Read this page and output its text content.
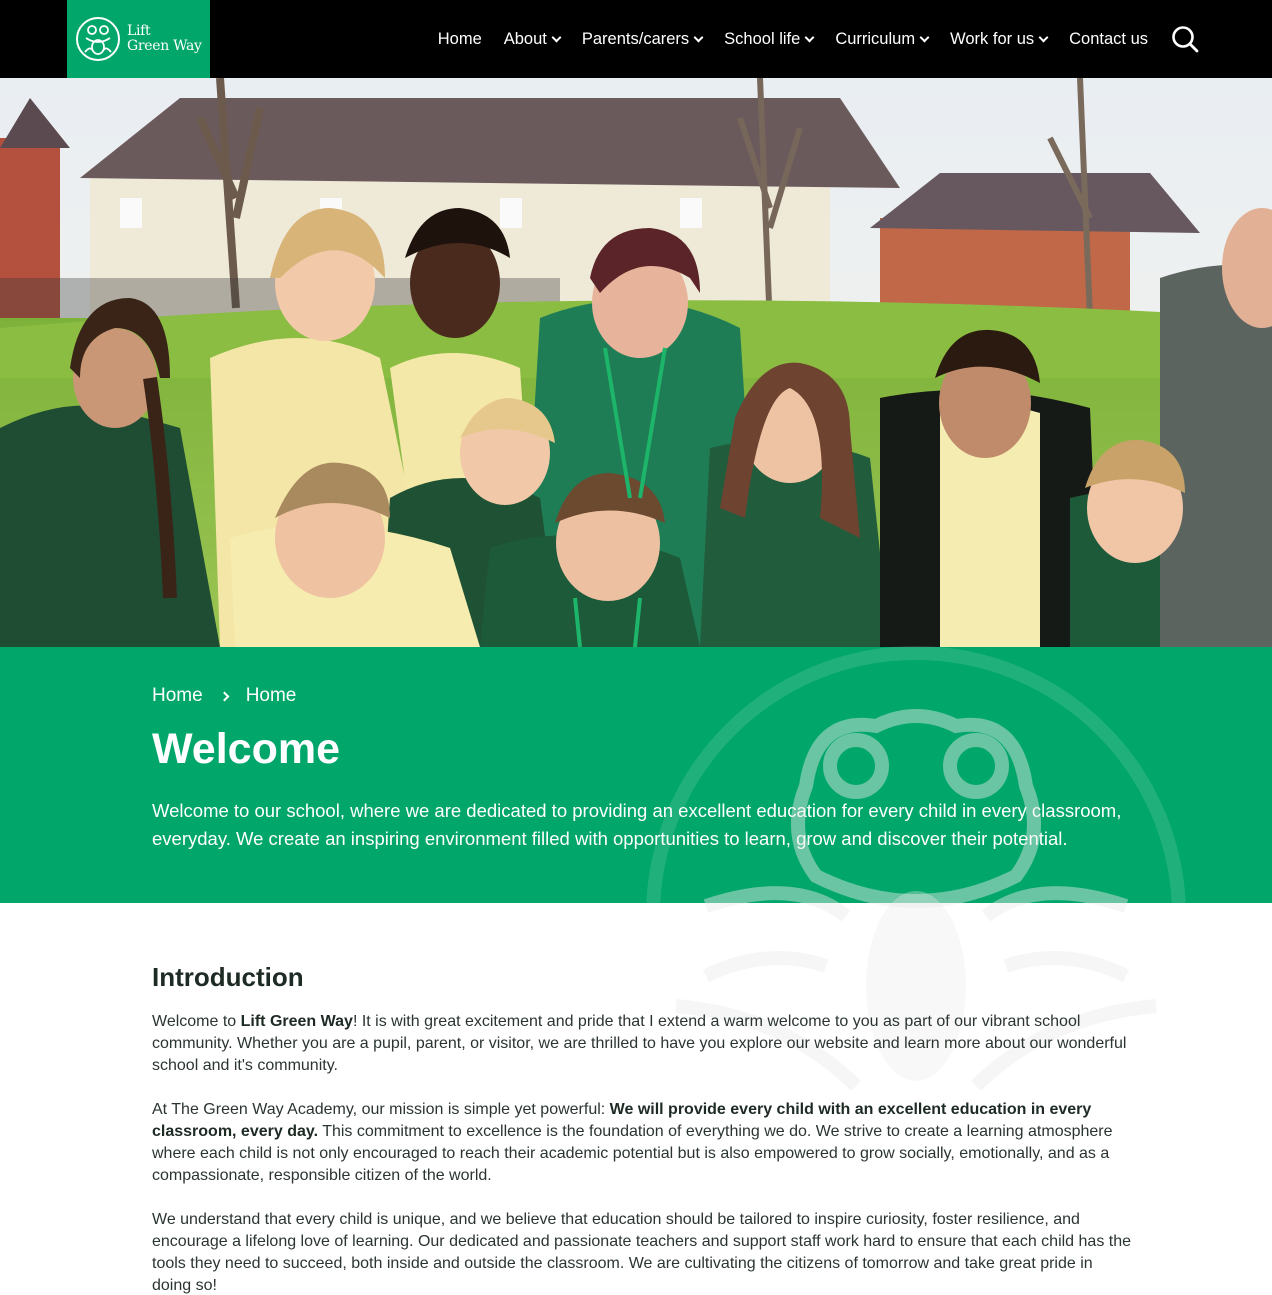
Lift
Green Way	Home About Parents/carers School life Curriculum Work for us Contact us
Home Home
Welcome

Welcome to our school, where we are dedicated to providing an excellent education for every child in every classroom, everyday. We create an inspiring environment filled with opportunities to learn, grow and discover their potential.

Introduction

Welcome to Lift Green Way! It is with great excitement and pride that I extend a warm welcome to you as part of our vibrant school community. Whether you are a pupil, parent, or visitor, we are thrilled to have you explore our website and learn more about our wonderful school and it's community.

At The Green Way Academy, our mission is simple yet powerful: We will provide every child with an excellent education in every classroom, every day. This commitment to excellence is the foundation of everything we do. We strive to create a learning atmosphere where each child is not only encouraged to reach their academic potential but is also empowered to grow socially, emotionally, and as a compassionate, responsible citizen of the world.

We understand that every child is unique, and we believe that education should be tailored to inspire curiosity, foster resilience, and encourage a lifelong love of learning. Our dedicated and passionate teachers and support staff work hard to ensure that each child has the tools they need to succeed, both inside and outside the classroom. We are cultivating the citizens of tomorrow and take great pride in doing so!
